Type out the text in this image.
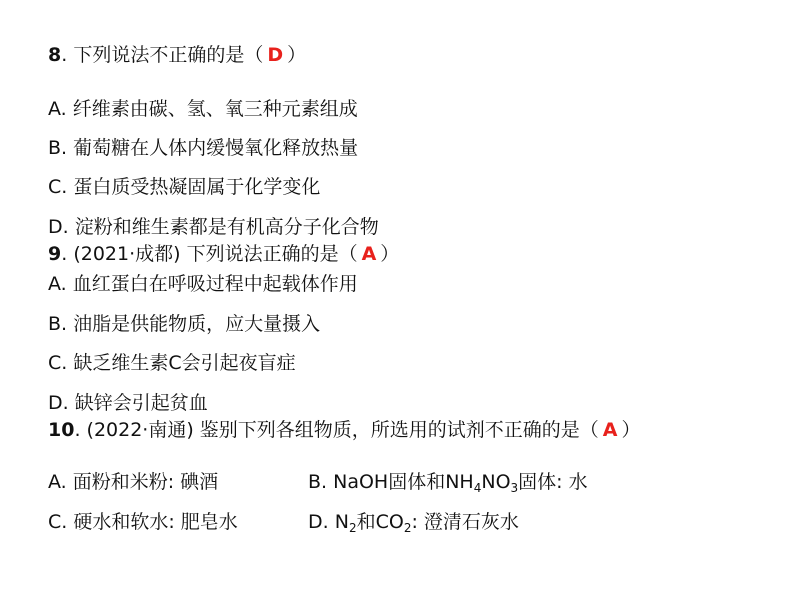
8. 下列说法不正确的是（ D ）
A. 纤维素由碳、氢、氧三种元素组成
B. 葡萄糖在人体内缓慢氧化释放热量
C. 蛋白质受热凝固属于化学变化
D. 淀粉和维生素都是有机高分子化合物
9. (2021·成都) 下列说法正确的是（ A ）
A. 血红蛋白在呼吸过程中起载体作用
B. 油脂是供能物质，应大量摄入
C. 缺乏维生素C会引起夜盲症
D. 缺锌会引起贫血
10. (2022·南通) 鉴别下列各组物质，所选用的试剂不正确的是（ A ）
A. 面粉和米粉: 碘酒	B. NaOH固体和$NH_4NO_3$固体: 水
C. 硬水和软水: 肥皂水	D. $N_2$和$CO_2$: 澄清石灰水
